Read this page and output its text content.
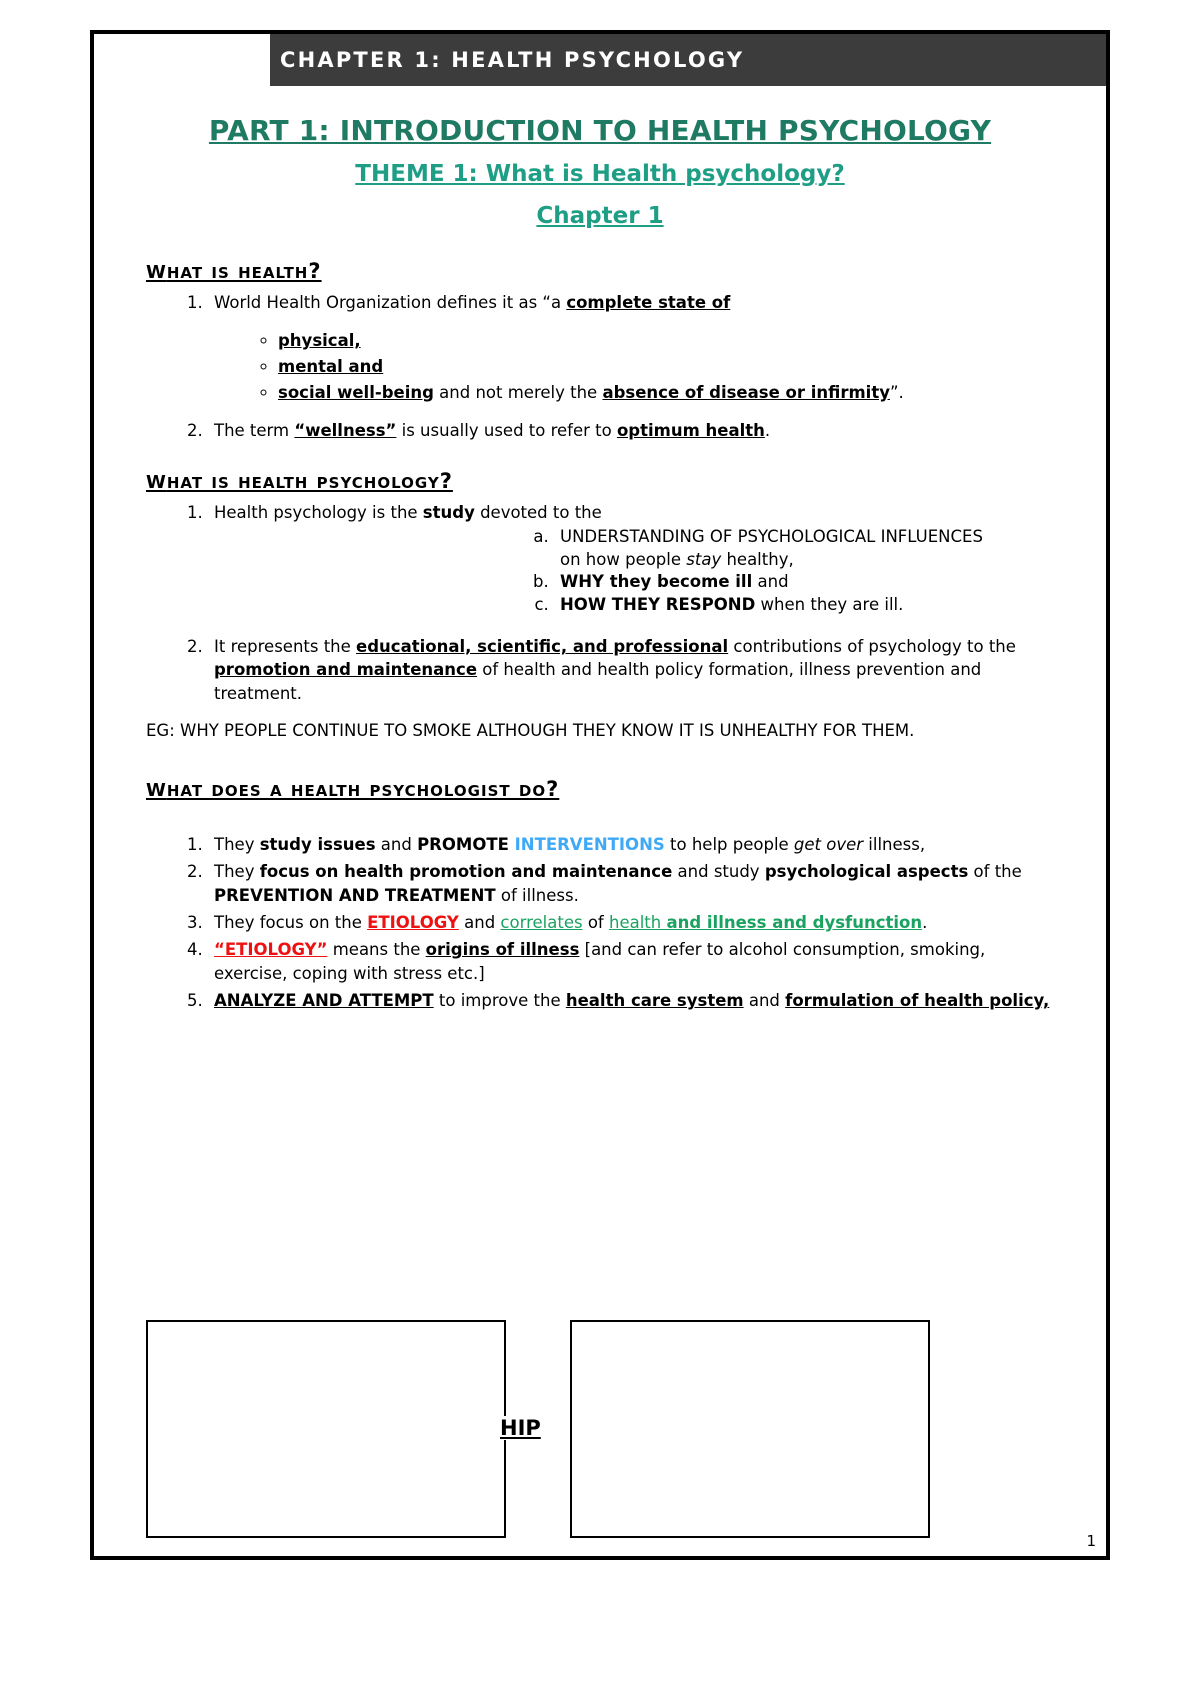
CHAPTER 1: HEALTH PSYCHOLOGY
PART 1: INTRODUCTION TO HEALTH PSYCHOLOGY
THEME 1: What is Health psychology?
Chapter 1
what is health?
1. World Health Organization defines it as “a complete state of
◦ physical,
◦ mental and
◦ social well-being and not merely the absence of disease or infirmity”.
2. The term “wellness” is usually used to refer to optimum health.
what is health psychology?
1. Health psychology is the study devoted to the
a. UNDERSTANDING OF PSYCHOLOGICAL INFLUENCES
on how people stay healthy,
b. WHY they become ill and
c. HOW THEY RESPOND when they are ill.
2. It represents the educational, scientific, and professional contributions of psychology to the promotion and maintenance of health and health policy formation, illness prevention and treatment.
EG: WHY PEOPLE CONTINUE TO SMOKE ALTHOUGH THEY KNOW IT IS UNHEALTHY FOR THEM.
what does a health psychologist do?
1. They study issues and PROMOTE INTERVENTIONS to help people get over illness,
2. They focus on health promotion and maintenance and study psychological aspects of the PREVENTION AND TREATMENT of illness.
3. They focus on the ETIOLOGY and correlates of health and illness and dysfunction.
4. “ETIOLOGY” means the origins of illness [and can refer to alcohol consumption, smoking, exercise, coping with stress etc.]
5. ANALYZE AND ATTEMPT to improve the health care system and formulation of health policy,
HIP
1
